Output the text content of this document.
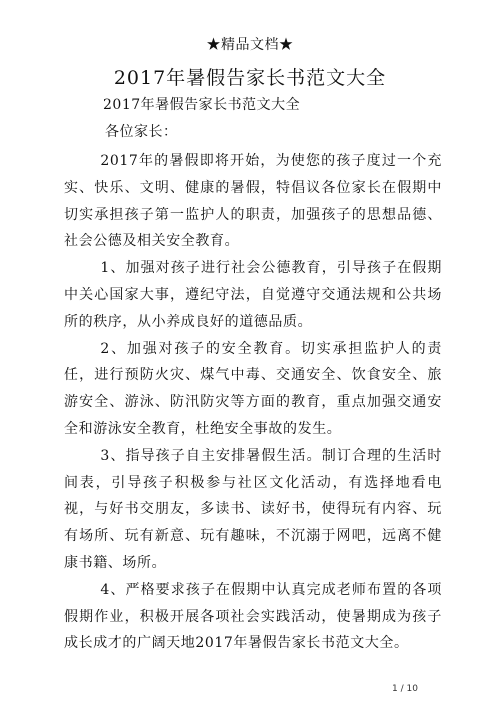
★精品文档★
2017年暑假告家长书范文大全
2017年暑假告家长书范文大全
各位家长：

2017年的暑假即将开始，为使您的孩子度过一个充实、快乐、文明、健康的暑假，特倡议各位家长在假期中切实承担孩子第一监护人的职责，加强孩子的思想品德、社会公德及相关安全教育。

1、加强对孩子进行社会公德教育，引导孩子在假期中关心国家大事，遵纪守法，自觉遵守交通法规和公共场所的秩序，从小养成良好的道德品质。

2、加强对孩子的安全教育。切实承担监护人的责任，进行预防火灾、煤气中毒、交通安全、饮食安全、旅游安全、游泳、防汛防灾等方面的教育，重点加强交通安全和游泳安全教育，杜绝安全事故的发生。

3、指导孩子自主安排暑假生活。制订合理的生活时间表，引导孩子积极参与社区文化活动，有选择地看电视，与好书交朋友，多读书、读好书，使得玩有内容、玩有场所、玩有新意、玩有趣味，不沉溺于网吧，远离不健康书籍、场所。

4、严格要求孩子在假期中认真完成老师布置的各项假期作业，积极开展各项社会实践活动，使暑期成为孩子成长成才的广阔天地2017年暑假告家长书范文大全。

1 / 10
